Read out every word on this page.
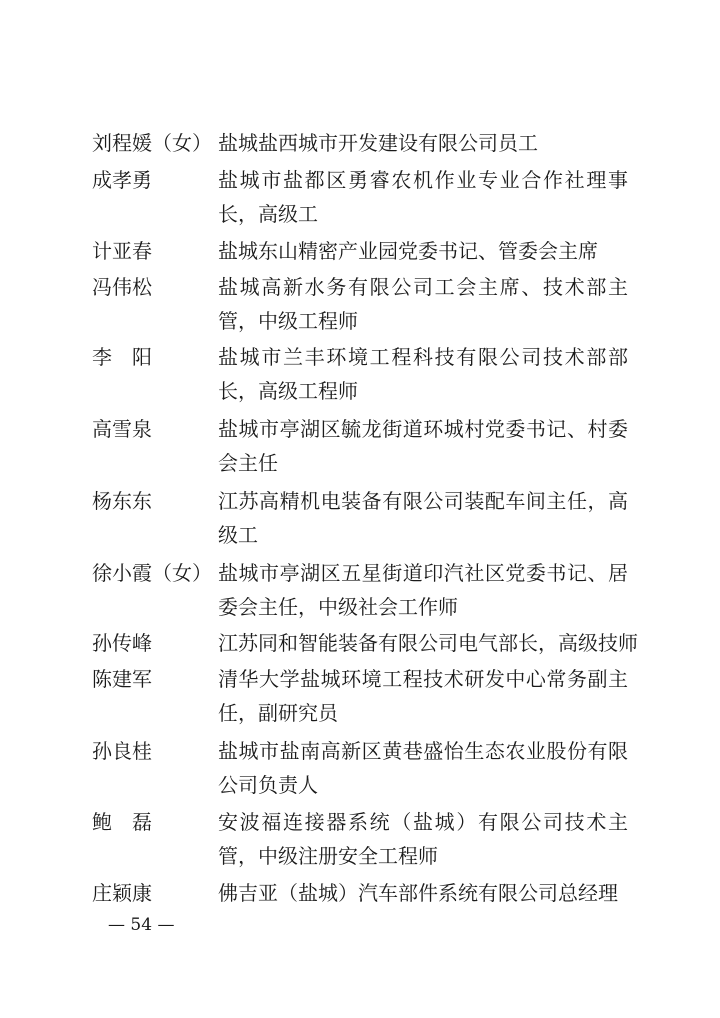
刘程媛（女） 盐城盐西城市开发建设有限公司员工
成孝勇	盐城市盐都区勇睿农机作业专业合作社理事
长，高级工
计亚春	盐城东山精密产业园党委书记、管委会主席
冯伟松	盐城高新水务有限公司工会主席、技术部主
管，中级工程师
李　阳	盐城市兰丰环境工程科技有限公司技术部部
长，高级工程师
高雪泉	盐城市亭湖区毓龙街道环城村党委书记、村委
会主任
杨东东	江苏高精机电装备有限公司装配车间主任，高
级工
徐小霞（女） 盐城市亭湖区五星街道印汽社区党委书记、居
委会主任，中级社会工作师
孙传峰	江苏同和智能装备有限公司电气部长，高级技师
陈建军	清华大学盐城环境工程技术研发中心常务副主
任，副研究员
孙良桂	盐城市盐南高新区黄巷盛怡生态农业股份有限
公司负责人
鲍　磊	安波福连接器系统（盐城）有限公司技术主
管，中级注册安全工程师
庄颖康	佛吉亚（盐城）汽车部件系统有限公司总经理
— 54 —
